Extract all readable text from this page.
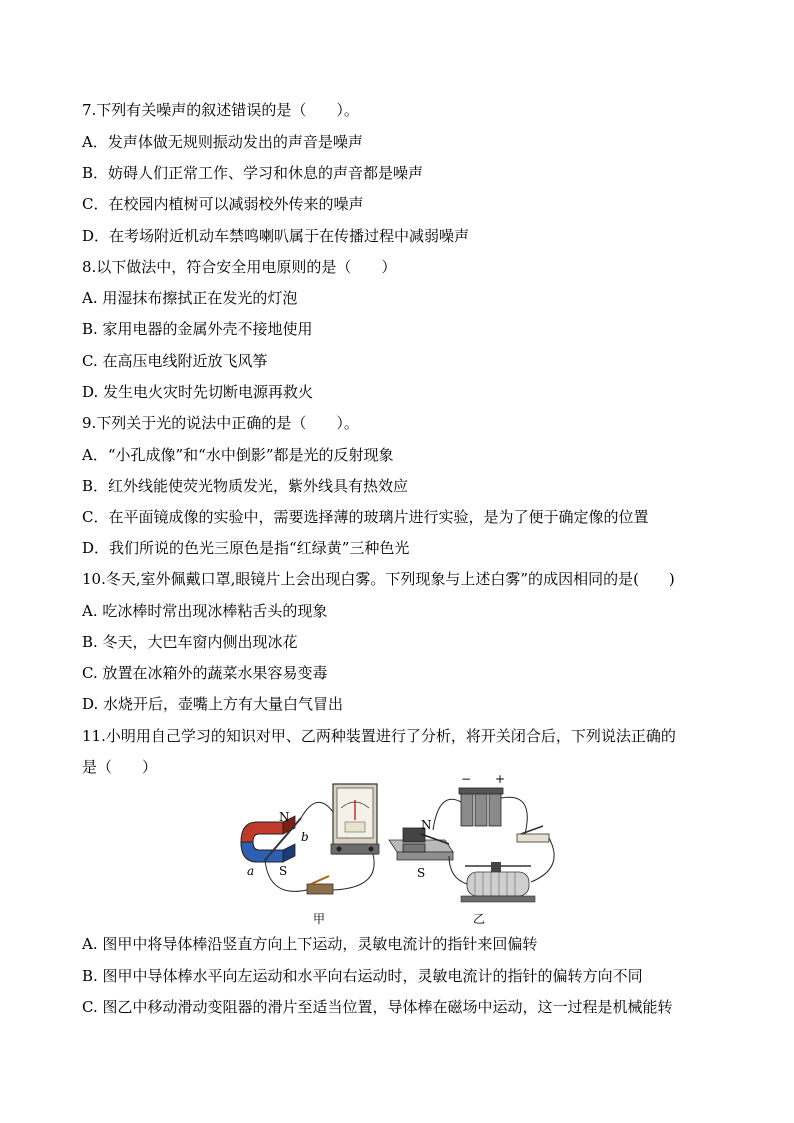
7.下列有关噪声的叙述错误的是（　　）。
A．发声体做无规则振动发出的声音是噪声
B．妨碍人们正常工作、学习和休息的声音都是噪声
C．在校园内植树可以减弱校外传来的噪声
D．在考场附近机动车禁鸣喇叭属于在传播过程中减弱噪声
8.以下做法中，符合安全用电原则的是（　　）
A. 用湿抹布擦拭正在发光的灯泡
B. 家用电器的金属外壳不接地使用
C. 在高压电线附近放飞风筝
D. 发生电火灾时先切断电源再救火
9.下列关于光的说法中正确的是（　　）。
A．“小孔成像”和“水中倒影”都是光的反射现象
B．红外线能使荧光物质发光，紫外线具有热效应
C．在平面镜成像的实验中，需要选择薄的玻璃片进行实验，是为了便于确定像的位置
D．我们所说的色光三原色是指“红绿黄”三种色光
10.冬天,室外佩戴口罩,眼镜片上会出现白雾。下列现象与上述白雾”的成因相同的是(　　)
A. 吃冰棒时常出现冰棒粘舌头的现象
B. 冬天，大巴车窗内侧出现冰花
C. 放置在冰箱外的蔬菜水果容易变毒
D. 水烧开后，壶嘴上方有大量白气冒出
11.小明用自己学习的知识对甲、乙两种装置进行了分析，将开关闭合后，下列说法正确的
是（　　）
N
S
a
b
N
S
− +
甲	乙
A. 图甲中将导体棒沿竖直方向上下运动，灵敏电流计的指针来回偏转
B. 图甲中导体棒水平向左运动和水平向右运动时，灵敏电流计的指针的偏转方向不同
C. 图乙中移动滑动变阻器的滑片至适当位置，导体棒在磁场中运动，这一过程是机械能转
